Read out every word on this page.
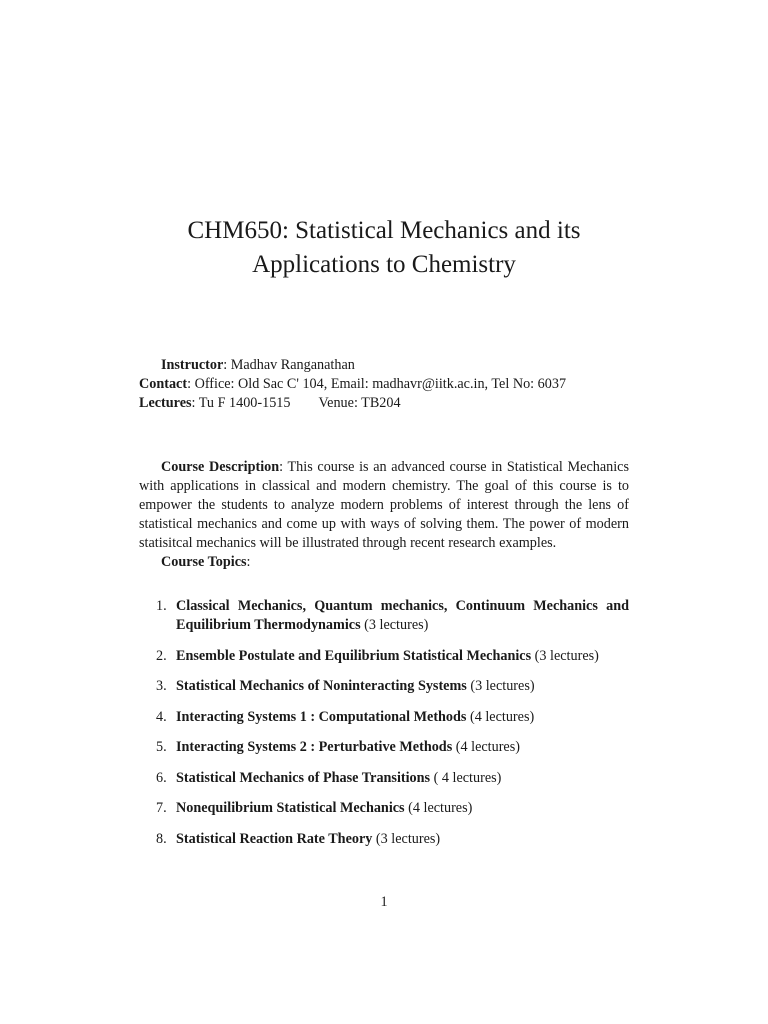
CHM650: Statistical Mechanics and its
Applications to Chemistry
Instructor: Madhav Ranganathan
Contact: Office: Old Sac C' 104, Email: madhavr@iitk.ac.in, Tel No: 6037
Lectures: Tu F 1400-1515 Venue: TB204
Course Description: This course is an advanced course in Statistical Mechanics with applications in classical and modern chemistry. The goal of this course is to empower the students to analyze modern problems of interest through the lens of statistical mechanics and come up with ways of solving them. The power of modern statisitcal mechanics will be illustrated through recent research examples.
Course Topics:
1. Classical Mechanics, Quantum mechanics, Continuum Mechanics and Equilibrium Thermodynamics (3 lectures)
2. Ensemble Postulate and Equilibrium Statistical Mechanics (3 lectures)
3. Statistical Mechanics of Noninteracting Systems (3 lectures)
4. Interacting Systems 1 : Computational Methods (4 lectures)
5. Interacting Systems 2 : Perturbative Methods (4 lectures)
6. Statistical Mechanics of Phase Transitions ( 4 lectures)
7. Nonequilibrium Statistical Mechanics (4 lectures)
8. Statistical Reaction Rate Theory (3 lectures)
1
